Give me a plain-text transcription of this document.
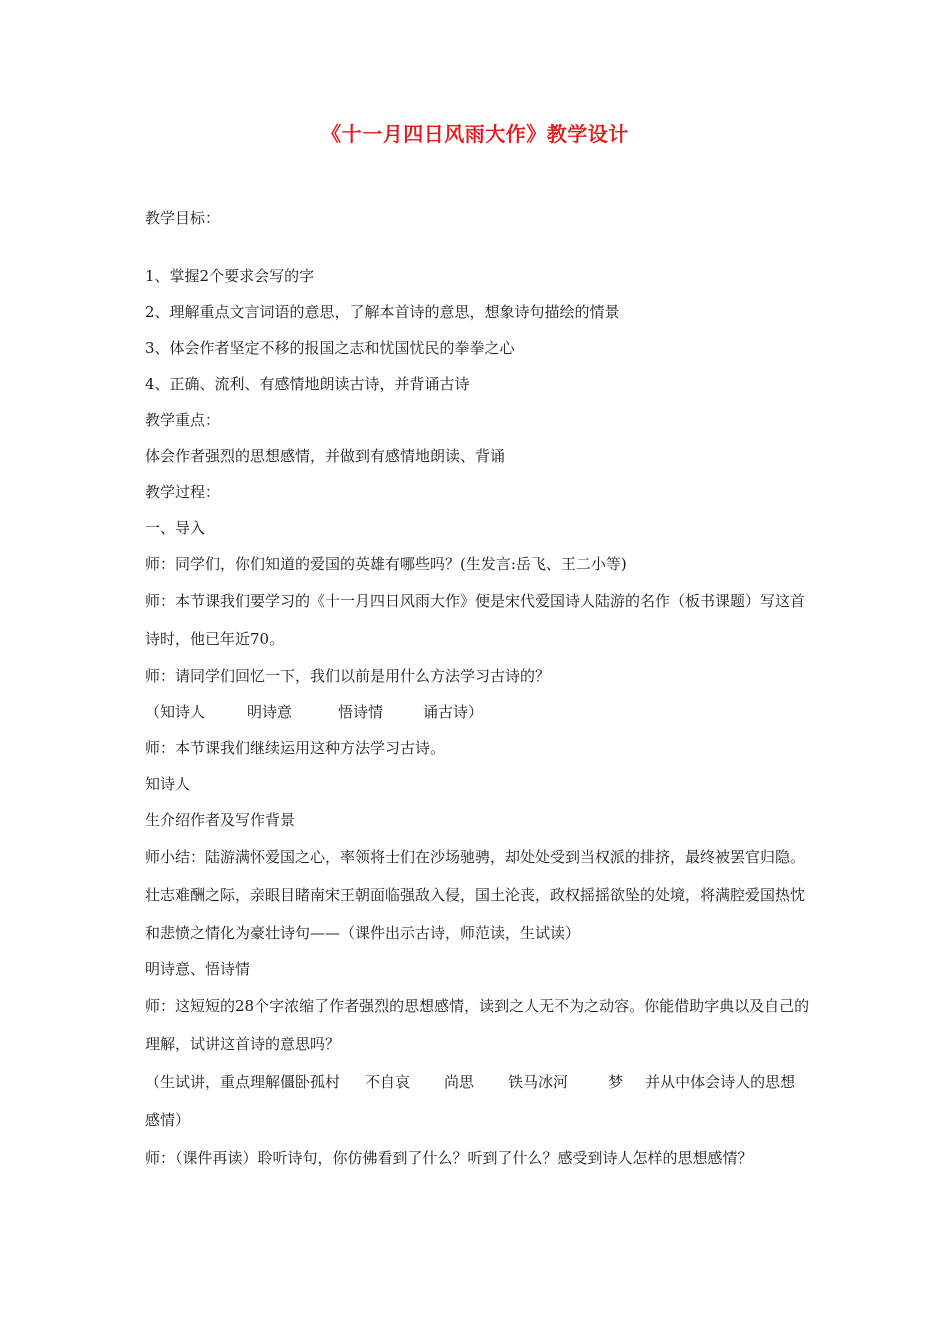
《十一月四日风雨大作》教学设计

教学目标：

1、掌握2个要求会写的字

2、理解重点文言词语的意思，了解本首诗的意思，想象诗句描绘的情景

3、体会作者坚定不移的报国之志和忧国忧民的拳拳之心

4、正确、流利、有感情地朗读古诗，并背诵古诗

教学重点：

体会作者强烈的思想感情，并做到有感情地朗读、背诵

教学过程：

一、导入

师：同学们，你们知道的爱国的英雄有哪些吗？(生发言:岳飞、王二小等)

师：本节课我们要学习的《十一月四日风雨大作》便是宋代爱国诗人陆游的名作（板书课题）写这首诗时，他已年近70。

师：请同学们回忆一下，我们以前是用什么方法学习古诗的？

（知诗人	明诗意	悟诗情	诵古诗）

师：本节课我们继续运用这种方法学习古诗。

知诗人

生介绍作者及写作背景

师小结：陆游满怀爱国之心，率领将士们在沙场驰骋，却处处受到当权派的排挤，最终被罢官归隐。壮志难酬之际，亲眼目睹南宋王朝面临强敌入侵，国土沦丧，政权摇摇欲坠的处境，将满腔爱国热忱和悲愤之情化为豪壮诗句——（课件出示古诗，师范读，生试读）

明诗意、悟诗情

师：这短短的28个字浓缩了作者强烈的思想感情，读到之人无不为之动容。你能借助字典以及自己的理解，试讲这首诗的意思吗？

（生试讲，重点理解僵卧孤村 不自哀 尚思 铁马冰河	梦 并从中体会诗人的思想感情）

师：（课件再读）聆听诗句，你仿佛看到了什么？听到了什么？感受到诗人怎样的思想感情？
